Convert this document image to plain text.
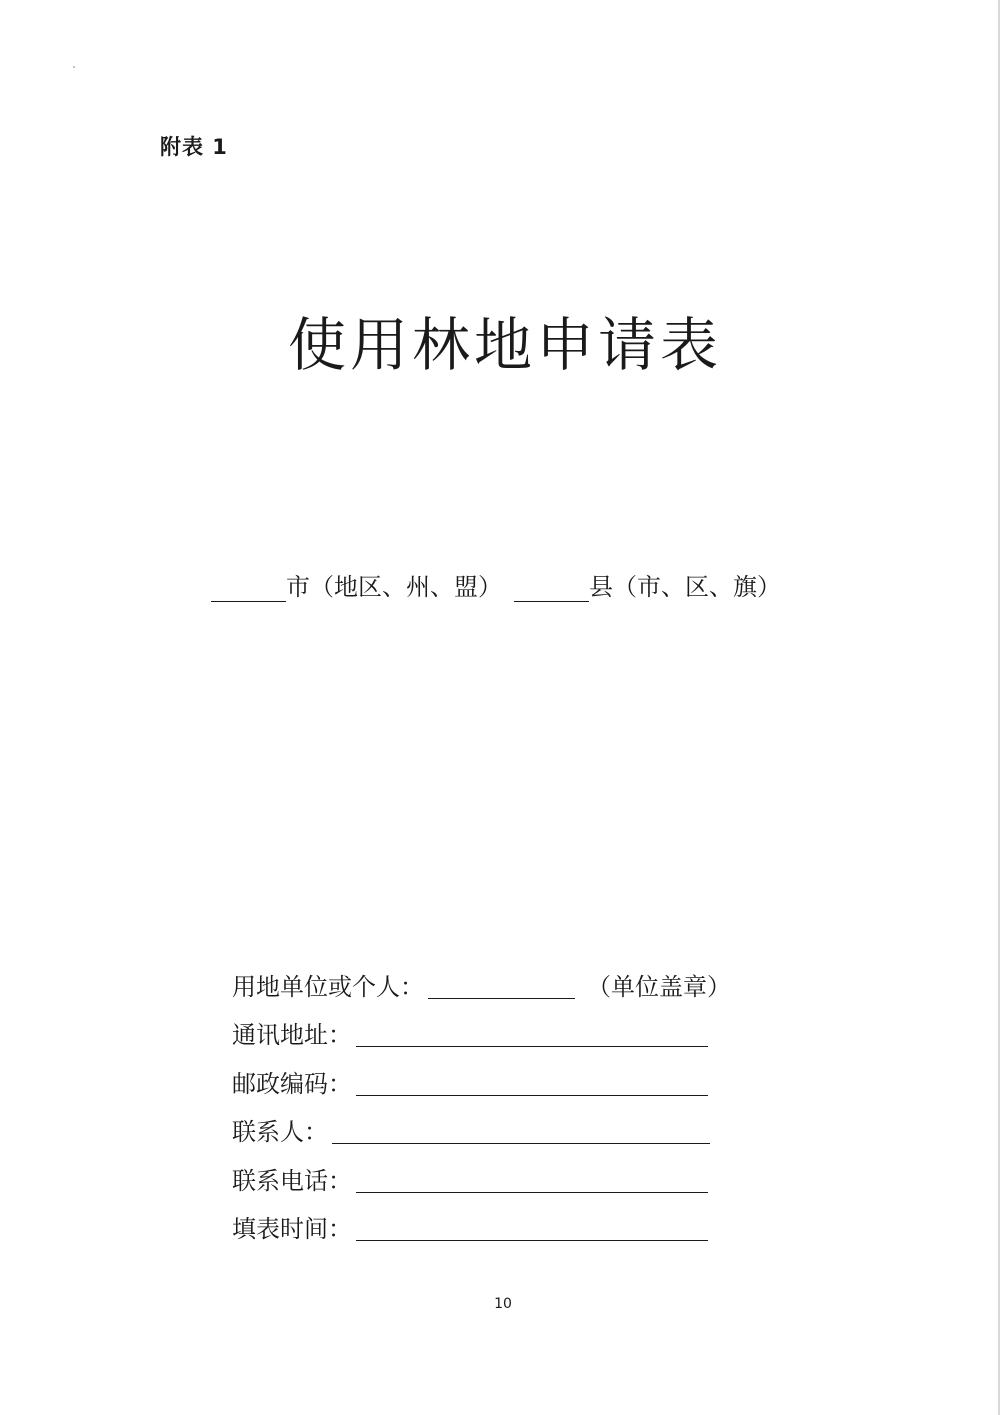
附表 1
使用林地申请表
市（地区、州、盟）	县（市、区、旗）
用地单位或个人：	（单位盖章）
通讯地址：
邮政编码：
联系人：
联系电话：
填表时间：
10
